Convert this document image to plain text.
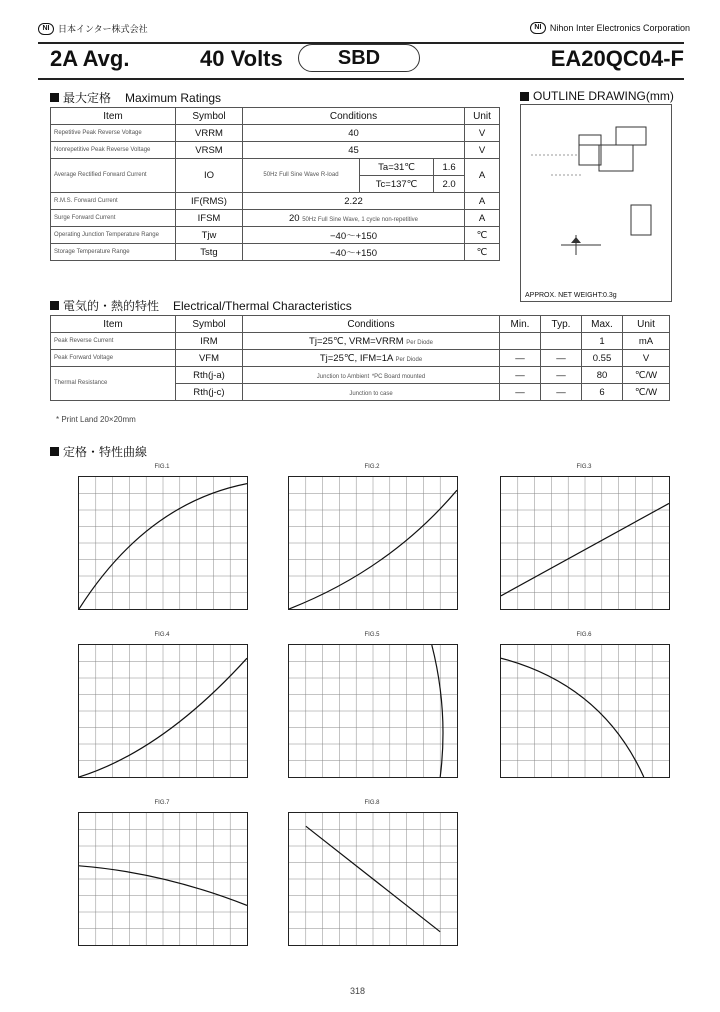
NI 日本インター株式会社	NI Nihon Inter Electronics Corporation
2A Avg.	40 Volts	SBD	EA20QC04-F
最大定格 Maximum Ratings
Item	Symbol	Conditions			Unit

Repetitive Peak Reverse Voltage	VRRM	40			V

Nonrepetitive Peak Reverse Voltage	VRSM	45			V

Average Rectified Forward Current	IO	50Hz Full Sine Wave R-load	Ta=31℃	1.6	A
			Tc=137℃	2.0	

R.M.S. Forward Current	IF(RMS)	2.22			A

Surge Forward Current	IFSM	20 50Hz Full Sine Wave, 1 cycle non-repetitive			A

Operating Junction Temperature Range	Tjw	−40〜+150			℃

Storage Temperature Range	Tstg	−40〜+150			℃
OUTLINE DRAWING(mm)
APPROX. NET WEIGHT:0.3g
電気的・熱的特性 Electrical/Thermal Characteristics
Item	Symbol	Conditions	Min.	Typ.	Max.	Unit

Peak Reverse Current	IRM	Tj=25℃, VRM=VRRM Per Diode			1	mA

Peak Forward Voltage	VFM	Tj=25℃, IFM=1A Per Diode	—	—	0.55	V

Thermal Resistance	Rth(j-a)	Junction to Ambient *PC Board mounted	—	—	80	℃/W
	Rth(j-c)	Junction to case	—	—	6	℃/W
* Print Land 20×20mm
定格・特性曲線
FIG.1	FIG.2	FIG.3
FIG.4	FIG.5	FIG.6
FIG.7	FIG.8
318
